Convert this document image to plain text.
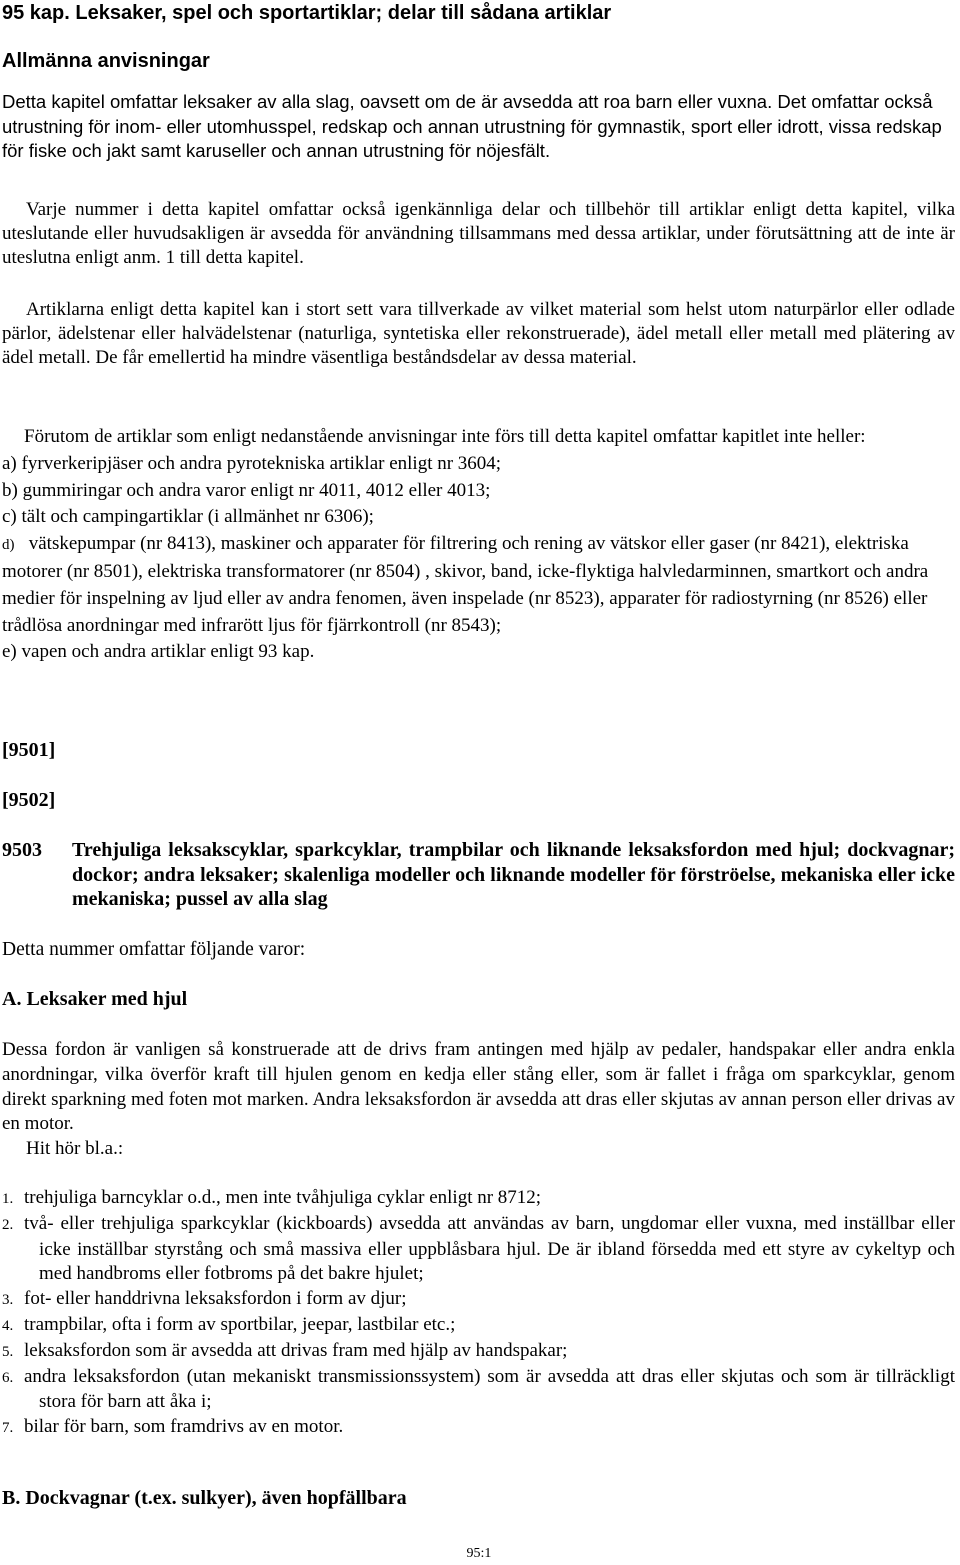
95 kap. Leksaker, spel och sportartiklar; delar till sådana artiklar
Allmänna anvisningar

Detta kapitel omfattar leksaker av alla slag, oavsett om de är avsedda att roa barn eller vuxna. Det omfattar också utrustning för inom- eller utomhusspel, redskap och annan utrustning för gymnastik, sport eller idrott, vissa redskap för fiske och jakt samt karuseller och annan utrustning för nöjesfält.

Varje nummer i detta kapitel omfattar också igenkännliga delar och tillbehör till artiklar enligt detta kapitel, vilka uteslutande eller huvudsakligen är avsedda för användning tillsammans med dessa artiklar, under förutsättning att de inte är uteslutna enligt anm. 1 till detta kapitel.

Artiklarna enligt detta kapitel kan i stort sett vara tillverkade av vilket material som helst utom naturpärlor eller odlade pärlor, ädelstenar eller halvädelstenar (naturliga, syntetiska eller rekonstruerade), ädel metall eller metall med plätering av ädel metall. De får emellertid ha mindre väsentliga beståndsdelar av dessa material.

Förutom de artiklar som enligt nedanstående anvisningar inte förs till detta kapitel omfattar kapitlet inte heller:
a) fyrverkeripjäser och andra pyrotekniska artiklar enligt nr 3604;
b) gummiringar och andra varor enligt nr 4011, 4012 eller 4013;
c) tält och campingartiklar (i allmänhet nr 6306);
d) vätskepumpar (nr 8413), maskiner och apparater för filtrering och rening av vätskor eller gaser (nr 8421), elektriska motorer (nr 8501), elektriska transformatorer (nr 8504) , skivor, band, icke-flyktiga halvledarminnen, smartkort och andra medier för inspelning av ljud eller av andra fenomen, även inspelade (nr 8523), apparater för radiostyrning (nr 8526) eller trådlösa anordningar med infrarött ljus för fjärrkontroll (nr 8543);
e) vapen och andra artiklar enligt 93 kap.
[9501]
[9502]
9503 Trehjuliga leksakscyklar, sparkcyklar, trampbilar och liknande leksaksfordon med hjul; dockvagnar; dockor; andra leksaker; skalenliga modeller och liknande modeller för förströelse, mekaniska eller icke mekaniska; pussel av alla slag

Detta nummer omfattar följande varor:

A. Leksaker med hjul
Dessa fordon är vanligen så konstruerade att de drivs fram antingen med hjälp av pedaler, handspakar eller andra enkla anordningar, vilka överför kraft till hjulen genom en kedja eller stång eller, som är fallet i fråga om sparkcyklar, genom direkt sparkning med foten mot marken. Andra leksaksfordon är avsedda att dras eller skjutas av annan person eller drivas av en motor.
Hit hör bl.a.:
1. trehjuliga barncyklar o.d., men inte tvåhjuliga cyklar enligt nr 8712;
2. två- eller trehjuliga sparkcyklar (kickboards) avsedda att användas av barn, ungdomar eller vuxna, med inställbar eller icke inställbar styrstång och små massiva eller uppblåsbara hjul. De är ibland försedda med ett styre av cykeltyp och med handbroms eller fotbroms på det bakre hjulet;
3. fot- eller handdrivna leksaksfordon i form av djur;
4. trampbilar, ofta i form av sportbilar, jeepar, lastbilar etc.;
5. leksaksfordon som är avsedda att drivas fram med hjälp av handspakar;
6. andra leksaksfordon (utan mekaniskt transmissionssystem) som är avsedda att dras eller skjutas och som är tillräckligt stora för barn att åka i;
7. bilar för barn, som framdrivs av en motor.
B. Dockvagnar (t.ex. sulkyer), även hopfällbara
95:1
